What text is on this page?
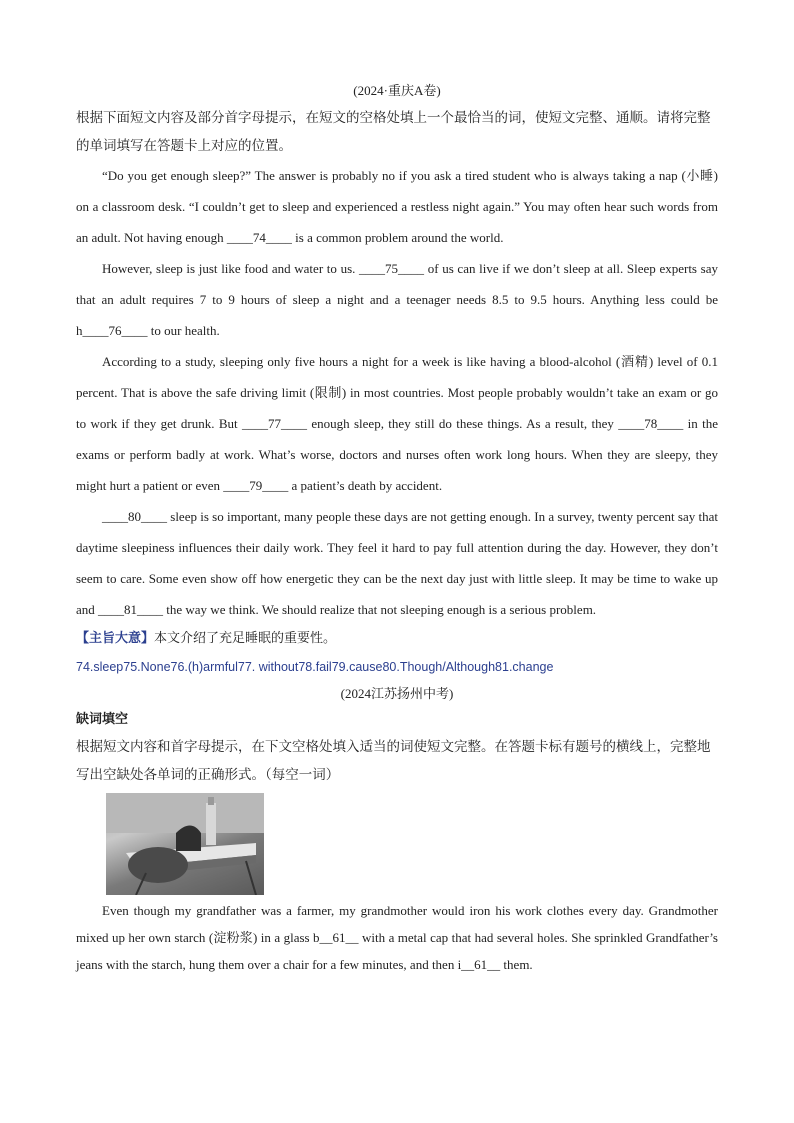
(2024·重庆A卷)

根据下面短文内容及部分首字母提示，在短文的空格处填上一个最恰当的词，使短文完整、通顺。请将完整的单词填写在答题卡上对应的位置。

“Do you get enough sleep?” The answer is probably no if you ask a tired student who is always taking a nap (小睡) on a classroom desk. “I couldn’t get to sleep and experienced a restless night again.” You may often hear such words from an adult. Not having enough ____74____ is a common problem around the world.

However, sleep is just like food and water to us. ____75____ of us can live if we don’t sleep at all. Sleep experts say that an adult requires 7 to 9 hours of sleep a night and a teenager needs 8.5 to 9.5 hours. Anything less could be h____76____ to our health.

According to a study, sleeping only five hours a night for a week is like having a blood-alcohol (酒精) level of 0.1 percent. That is above the safe driving limit (限制) in most countries. Most people probably wouldn’t take an exam or go to work if they get drunk. But ____77____ enough sleep, they still do these things. As a result, they ____78____ in the exams or perform badly at work. What’s worse, doctors and nurses often work long hours. When they are sleepy, they might hurt a patient or even ____79____ a patient’s death by accident.

____80____ sleep is so important, many people these days are not getting enough. In a survey, twenty percent say that daytime sleepiness influences their daily work. They feel it hard to pay full attention during the day. However, they don’t seem to care. Some even show off how energetic they can be the next day just with little sleep. It may be time to wake up and ____81____ the way we think. We should realize that not sleeping enough is a serious problem.

【主旨大意】本文介绍了充足睡眠的重要性。

74.sleep75.None76.(h)armful77. without78.fail79.cause80.Though/Although81.change

(2024江苏扬州中考)

缺词填空

根据短文内容和首字母提示，在下文空格处填入适当的词使短文完整。在答题卡标有题号的横线上，完整地写出空缺处各单词的正确形式。（每空一词）

Even though my grandfather was a farmer, my grandmother would iron his work clothes every day. Grandmother mixed up her own starch (淀粉浆) in a glass b__61__ with a metal cap that had several holes. She sprinkled Grandfather’s jeans with the starch, hung them over a chair for a few minutes, and then i__61__ them.
